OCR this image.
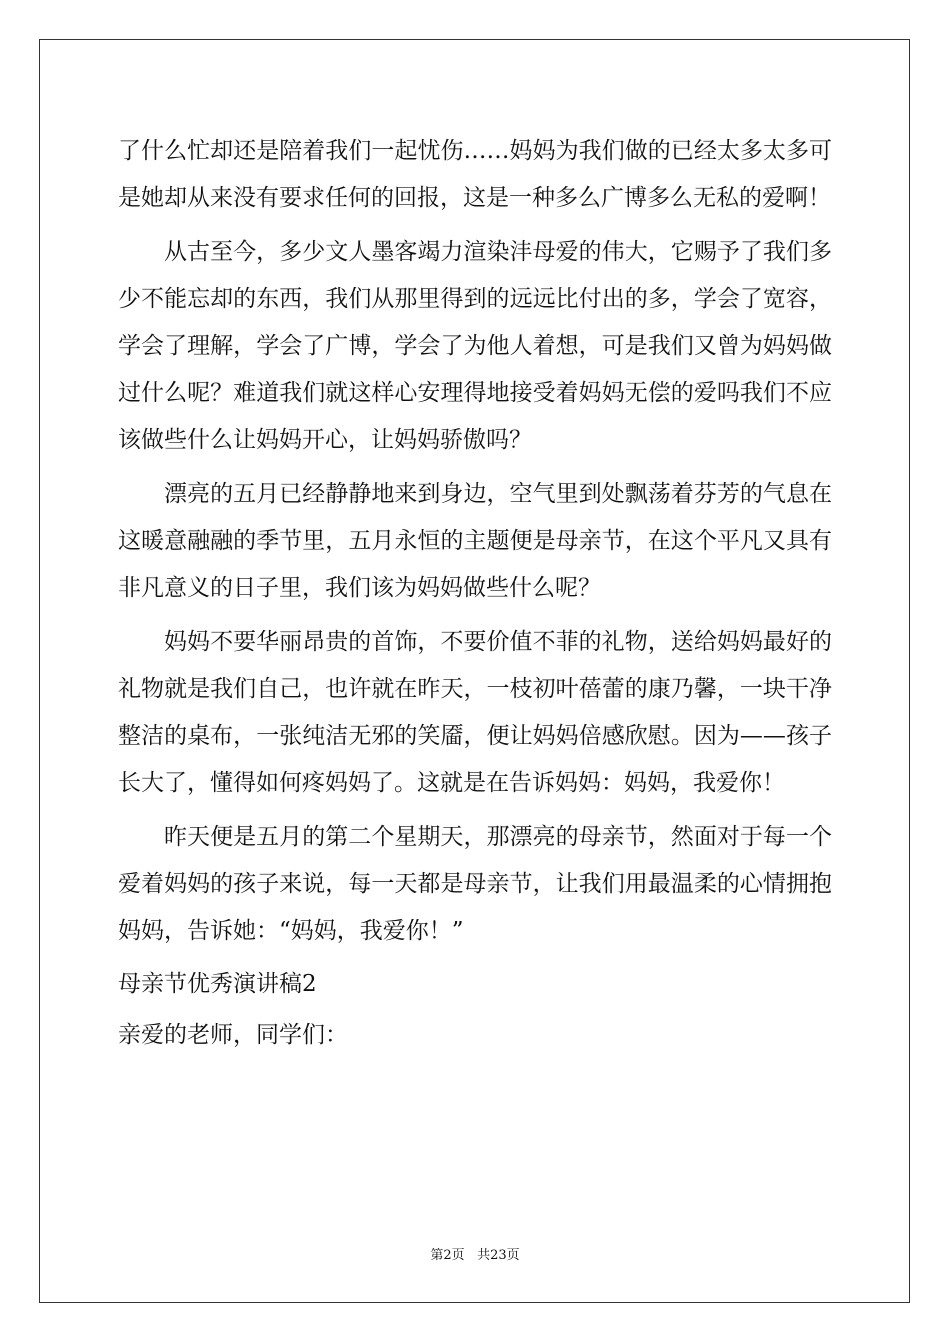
了什么忙却还是陪着我们一起忧伤……妈妈为我们做的已经太多太多可是她却从来没有要求任何的回报，这是一种多么广博多么无私的爱啊！

从古至今，多少文人墨客竭力渲染沣母爱的伟大，它赐予了我们多少不能忘却的东西，我们从那里得到的远远比付出的多，学会了宽容，学会了理解，学会了广博，学会了为他人着想，可是我们又曾为妈妈做过什么呢？难道我们就这样心安理得地接受着妈妈无偿的爱吗我们不应该做些什么让妈妈开心，让妈妈骄傲吗？

漂亮的五月已经静静地来到身边，空气里到处飘荡着芬芳的气息在这暖意融融的季节里，五月永恒的主题便是母亲节，在这个平凡又具有非凡意义的日子里，我们该为妈妈做些什么呢？

妈妈不要华丽昂贵的首饰，不要价值不菲的礼物，送给妈妈最好的礼物就是我们自己，也许就在昨天，一枝初叶蓓蕾的康乃馨，一块干净整洁的桌布，一张纯洁无邪的笑靥，便让妈妈倍感欣慰。因为——孩子长大了，懂得如何疼妈妈了。这就是在告诉妈妈：妈妈，我爱你！

昨天便是五月的第二个星期天，那漂亮的母亲节，然面对于每一个爱着妈妈的孩子来说，每一天都是母亲节，让我们用最温柔的心情拥抱妈妈，告诉她：“妈妈，我爱你！”

母亲节优秀演讲稿2

亲爱的老师，同学们：

第2页 共23页
